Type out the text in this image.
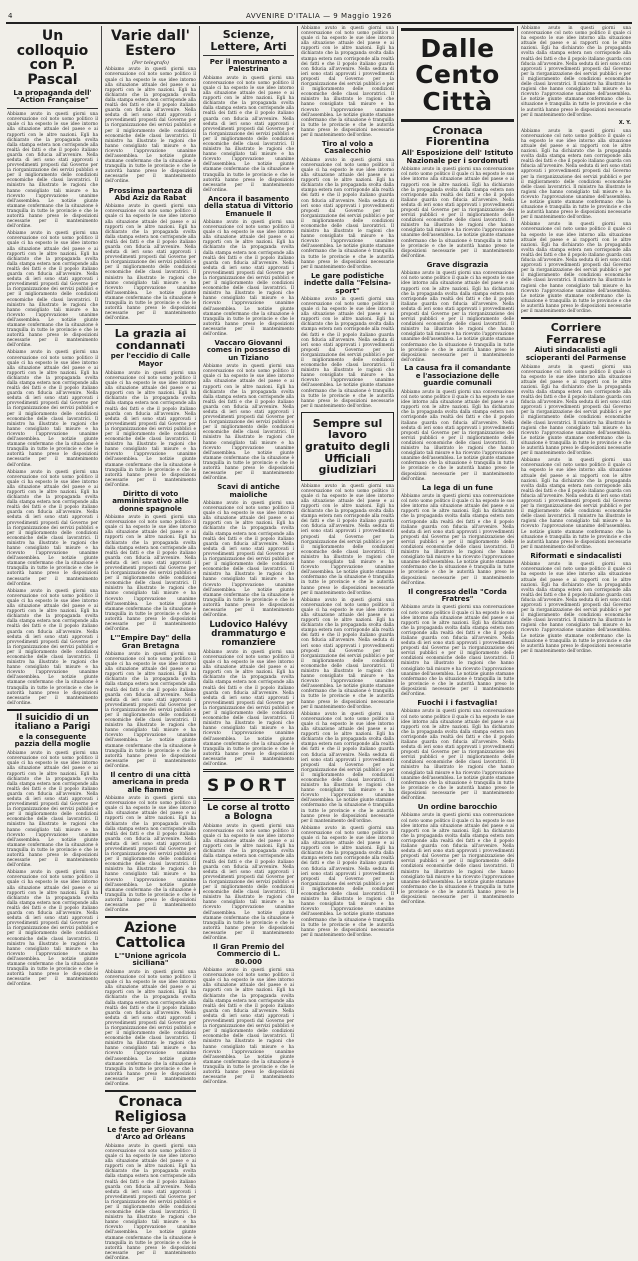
4	AVVENIRE D'ITALIA — 9 Maggio 1926
Un colloquio con P. Pascal
La propaganda dell' "Action Française"

Abbiamo avuto in questi giorni una conversazione col noto uomo politico il quale ci ha esposto le sue idee intorno alla situazione attuale del paese e ai rapporti con le altre nazioni. Egli ha dichiarato che la propaganda svolta dalla stampa estera non corrisponde alla realtà dei fatti e che il popolo italiano guarda con fiducia all'avvenire. Nella seduta di ieri sono stati approvati i provvedimenti proposti dal Governo per la riorganizzazione dei servizi pubblici e per il miglioramento delle condizioni economiche delle classi lavoratrici. Il ministro ha illustrato le ragioni che hanno consigliato tali misure e ha ricevuto l'approvazione unanime dell'assemblea. Le notizie giunte stamane confermano che la situazione è tranquilla in tutte le provincie e che le autorità hanno preso le disposizioni necessarie per il mantenimento dell'ordine.

Abbiamo avuto in questi giorni una conversazione col noto uomo politico il quale ci ha esposto le sue idee intorno alla situazione attuale del paese e ai rapporti con le altre nazioni. Egli ha dichiarato che la propaganda svolta dalla stampa estera non corrisponde alla realtà dei fatti e che il popolo italiano guarda con fiducia all'avvenire. Nella seduta di ieri sono stati approvati i provvedimenti proposti dal Governo per la riorganizzazione dei servizi pubblici e per il miglioramento delle condizioni economiche delle classi lavoratrici. Il ministro ha illustrato le ragioni che hanno consigliato tali misure e ha ricevuto l'approvazione unanime dell'assemblea. Le notizie giunte stamane confermano che la situazione è tranquilla in tutte le provincie e che le autorità hanno preso le disposizioni necessarie per il mantenimento dell'ordine.

Abbiamo avuto in questi giorni una conversazione col noto uomo politico il quale ci ha esposto le sue idee intorno alla situazione attuale del paese e ai rapporti con le altre nazioni. Egli ha dichiarato che la propaganda svolta dalla stampa estera non corrisponde alla realtà dei fatti e che il popolo italiano guarda con fiducia all'avvenire. Nella seduta di ieri sono stati approvati i provvedimenti proposti dal Governo per la riorganizzazione dei servizi pubblici e per il miglioramento delle condizioni economiche delle classi lavoratrici. Il ministro ha illustrato le ragioni che hanno consigliato tali misure e ha ricevuto l'approvazione unanime dell'assemblea. Le notizie giunte stamane confermano che la situazione è tranquilla in tutte le provincie e che le autorità hanno preso le disposizioni necessarie per il mantenimento dell'ordine.

Abbiamo avuto in questi giorni una conversazione col noto uomo politico il quale ci ha esposto le sue idee intorno alla situazione attuale del paese e ai rapporti con le altre nazioni. Egli ha dichiarato che la propaganda svolta dalla stampa estera non corrisponde alla realtà dei fatti e che il popolo italiano guarda con fiducia all'avvenire. Nella seduta di ieri sono stati approvati i provvedimenti proposti dal Governo per la riorganizzazione dei servizi pubblici e per il miglioramento delle condizioni economiche delle classi lavoratrici. Il ministro ha illustrato le ragioni che hanno consigliato tali misure e ha ricevuto l'approvazione unanime dell'assemblea. Le notizie giunte stamane confermano che la situazione è tranquilla in tutte le provincie e che le autorità hanno preso le disposizioni necessarie per il mantenimento dell'ordine.

Abbiamo avuto in questi giorni una conversazione col noto uomo politico il quale ci ha esposto le sue idee intorno alla situazione attuale del paese e ai rapporti con le altre nazioni. Egli ha dichiarato che la propaganda svolta dalla stampa estera non corrisponde alla realtà dei fatti e che il popolo italiano guarda con fiducia all'avvenire. Nella seduta di ieri sono stati approvati i provvedimenti proposti dal Governo per la riorganizzazione dei servizi pubblici e per il miglioramento delle condizioni economiche delle classi lavoratrici. Il ministro ha illustrato le ragioni che hanno consigliato tali misure e ha ricevuto l'approvazione unanime dell'assemblea. Le notizie giunte stamane confermano che la situazione è tranquilla in tutte le provincie e che le autorità hanno preso le disposizioni necessarie per il mantenimento dell'ordine.

Il suicidio di un italiano a Parigi
e la conseguente pazzia della moglie

Abbiamo avuto in questi giorni una conversazione col noto uomo politico il quale ci ha esposto le sue idee intorno alla situazione attuale del paese e ai rapporti con le altre nazioni. Egli ha dichiarato che la propaganda svolta dalla stampa estera non corrisponde alla realtà dei fatti e che il popolo italiano guarda con fiducia all'avvenire. Nella seduta di ieri sono stati approvati i provvedimenti proposti dal Governo per la riorganizzazione dei servizi pubblici e per il miglioramento delle condizioni economiche delle classi lavoratrici. Il ministro ha illustrato le ragioni che hanno consigliato tali misure e ha ricevuto l'approvazione unanime dell'assemblea. Le notizie giunte stamane confermano che la situazione è tranquilla in tutte le provincie e che le autorità hanno preso le disposizioni necessarie per il mantenimento dell'ordine.

Abbiamo avuto in questi giorni una conversazione col noto uomo politico il quale ci ha esposto le sue idee intorno alla situazione attuale del paese e ai rapporti con le altre nazioni. Egli ha dichiarato che la propaganda svolta dalla stampa estera non corrisponde alla realtà dei fatti e che il popolo italiano guarda con fiducia all'avvenire. Nella seduta di ieri sono stati approvati i provvedimenti proposti dal Governo per la riorganizzazione dei servizi pubblici e per il miglioramento delle condizioni economiche delle classi lavoratrici. Il ministro ha illustrato le ragioni che hanno consigliato tali misure e ha ricevuto l'approvazione unanime dell'assemblea. Le notizie giunte stamane confermano che la situazione è tranquilla in tutte le provincie e che le autorità hanno preso le disposizioni necessarie per il mantenimento dell'ordine.

Varie dall' Estero
(Per telegrafo)

Abbiamo avuto in questi giorni una conversazione col noto uomo politico il quale ci ha esposto le sue idee intorno alla situazione attuale del paese e ai rapporti con le altre nazioni. Egli ha dichiarato che la propaganda svolta dalla stampa estera non corrisponde alla realtà dei fatti e che il popolo italiano guarda con fiducia all'avvenire. Nella seduta di ieri sono stati approvati i provvedimenti proposti dal Governo per la riorganizzazione dei servizi pubblici e per il miglioramento delle condizioni economiche delle classi lavoratrici. Il ministro ha illustrato le ragioni che hanno consigliato tali misure e ha ricevuto l'approvazione unanime dell'assemblea. Le notizie giunte stamane confermano che la situazione è tranquilla in tutte le provincie e che le autorità hanno preso le disposizioni necessarie per il mantenimento dell'ordine.

Prossima partenza di Abd Aziz da Rabat

Abbiamo avuto in questi giorni una conversazione col noto uomo politico il quale ci ha esposto le sue idee intorno alla situazione attuale del paese e ai rapporti con le altre nazioni. Egli ha dichiarato che la propaganda svolta dalla stampa estera non corrisponde alla realtà dei fatti e che il popolo italiano guarda con fiducia all'avvenire. Nella seduta di ieri sono stati approvati i provvedimenti proposti dal Governo per la riorganizzazione dei servizi pubblici e per il miglioramento delle condizioni economiche delle classi lavoratrici. Il ministro ha illustrato le ragioni che hanno consigliato tali misure e ha ricevuto l'approvazione unanime dell'assemblea. Le notizie giunte stamane confermano che la situazione è tranquilla in tutte le provincie e che le autorità hanno preso le disposizioni necessarie per il mantenimento dell'ordine.

La grazia ai condannati
per l'eccidio di Calle Mayor

Abbiamo avuto in questi giorni una conversazione col noto uomo politico il quale ci ha esposto le sue idee intorno alla situazione attuale del paese e ai rapporti con le altre nazioni. Egli ha dichiarato che la propaganda svolta dalla stampa estera non corrisponde alla realtà dei fatti e che il popolo italiano guarda con fiducia all'avvenire. Nella seduta di ieri sono stati approvati i provvedimenti proposti dal Governo per la riorganizzazione dei servizi pubblici e per il miglioramento delle condizioni economiche delle classi lavoratrici. Il ministro ha illustrato le ragioni che hanno consigliato tali misure e ha ricevuto l'approvazione unanime dell'assemblea. Le notizie giunte stamane confermano che la situazione è tranquilla in tutte le provincie e che le autorità hanno preso le disposizioni necessarie per il mantenimento dell'ordine.

Diritto di voto amministrativo alle donne spagnole

Abbiamo avuto in questi giorni una conversazione col noto uomo politico il quale ci ha esposto le sue idee intorno alla situazione attuale del paese e ai rapporti con le altre nazioni. Egli ha dichiarato che la propaganda svolta dalla stampa estera non corrisponde alla realtà dei fatti e che il popolo italiano guarda con fiducia all'avvenire. Nella seduta di ieri sono stati approvati i provvedimenti proposti dal Governo per la riorganizzazione dei servizi pubblici e per il miglioramento delle condizioni economiche delle classi lavoratrici. Il ministro ha illustrato le ragioni che hanno consigliato tali misure e ha ricevuto l'approvazione unanime dell'assemblea. Le notizie giunte stamane confermano che la situazione è tranquilla in tutte le provincie e che le autorità hanno preso le disposizioni necessarie per il mantenimento dell'ordine.

L'"Empire Day" della Gran Bretagna

Abbiamo avuto in questi giorni una conversazione col noto uomo politico il quale ci ha esposto le sue idee intorno alla situazione attuale del paese e ai rapporti con le altre nazioni. Egli ha dichiarato che la propaganda svolta dalla stampa estera non corrisponde alla realtà dei fatti e che il popolo italiano guarda con fiducia all'avvenire. Nella seduta di ieri sono stati approvati i provvedimenti proposti dal Governo per la riorganizzazione dei servizi pubblici e per il miglioramento delle condizioni economiche delle classi lavoratrici. Il ministro ha illustrato le ragioni che hanno consigliato tali misure e ha ricevuto l'approvazione unanime dell'assemblea. Le notizie giunte stamane confermano che la situazione è tranquilla in tutte le provincie e che le autorità hanno preso le disposizioni necessarie per il mantenimento dell'ordine.

Il centro di una città americana in preda alle fiamme

Abbiamo avuto in questi giorni una conversazione col noto uomo politico il quale ci ha esposto le sue idee intorno alla situazione attuale del paese e ai rapporti con le altre nazioni. Egli ha dichiarato che la propaganda svolta dalla stampa estera non corrisponde alla realtà dei fatti e che il popolo italiano guarda con fiducia all'avvenire. Nella seduta di ieri sono stati approvati i provvedimenti proposti dal Governo per la riorganizzazione dei servizi pubblici e per il miglioramento delle condizioni economiche delle classi lavoratrici. Il ministro ha illustrato le ragioni che hanno consigliato tali misure e ha ricevuto l'approvazione unanime dell'assemblea. Le notizie giunte stamane confermano che la situazione è tranquilla in tutte le provincie e che le autorità hanno preso le disposizioni necessarie per il mantenimento dell'ordine.

Azione Cattolica
L'"Unione agricola siciliana"

Abbiamo avuto in questi giorni una conversazione col noto uomo politico il quale ci ha esposto le sue idee intorno alla situazione attuale del paese e ai rapporti con le altre nazioni. Egli ha dichiarato che la propaganda svolta dalla stampa estera non corrisponde alla realtà dei fatti e che il popolo italiano guarda con fiducia all'avvenire. Nella seduta di ieri sono stati approvati i provvedimenti proposti dal Governo per la riorganizzazione dei servizi pubblici e per il miglioramento delle condizioni economiche delle classi lavoratrici. Il ministro ha illustrato le ragioni che hanno consigliato tali misure e ha ricevuto l'approvazione unanime dell'assemblea. Le notizie giunte stamane confermano che la situazione è tranquilla in tutte le provincie e che le autorità hanno preso le disposizioni necessarie per il mantenimento dell'ordine.

Cronaca Religiosa
Le feste per Giovanna d'Arco ad Orléans

Abbiamo avuto in questi giorni una conversazione col noto uomo politico il quale ci ha esposto le sue idee intorno alla situazione attuale del paese e ai rapporti con le altre nazioni. Egli ha dichiarato che la propaganda svolta dalla stampa estera non corrisponde alla realtà dei fatti e che il popolo italiano guarda con fiducia all'avvenire. Nella seduta di ieri sono stati approvati i provvedimenti proposti dal Governo per la riorganizzazione dei servizi pubblici e per il miglioramento delle condizioni economiche delle classi lavoratrici. Il ministro ha illustrato le ragioni che hanno consigliato tali misure e ha ricevuto l'approvazione unanime dell'assemblea. Le notizie giunte stamane confermano che la situazione è tranquilla in tutte le provincie e che le autorità hanno preso le disposizioni necessarie per il mantenimento dell'ordine.

Scienze, Lettere, Arti
Per il monumento a Palestrina

Abbiamo avuto in questi giorni una conversazione col noto uomo politico il quale ci ha esposto le sue idee intorno alla situazione attuale del paese e ai rapporti con le altre nazioni. Egli ha dichiarato che la propaganda svolta dalla stampa estera non corrisponde alla realtà dei fatti e che il popolo italiano guarda con fiducia all'avvenire. Nella seduta di ieri sono stati approvati i provvedimenti proposti dal Governo per la riorganizzazione dei servizi pubblici e per il miglioramento delle condizioni economiche delle classi lavoratrici. Il ministro ha illustrato le ragioni che hanno consigliato tali misure e ha ricevuto l'approvazione unanime dell'assemblea. Le notizie giunte stamane confermano che la situazione è tranquilla in tutte le provincie e che le autorità hanno preso le disposizioni necessarie per il mantenimento dell'ordine.

Ancora il basamento della statua di Vittorio Emanuele II

Abbiamo avuto in questi giorni una conversazione col noto uomo politico il quale ci ha esposto le sue idee intorno alla situazione attuale del paese e ai rapporti con le altre nazioni. Egli ha dichiarato che la propaganda svolta dalla stampa estera non corrisponde alla realtà dei fatti e che il popolo italiano guarda con fiducia all'avvenire. Nella seduta di ieri sono stati approvati i provvedimenti proposti dal Governo per la riorganizzazione dei servizi pubblici e per il miglioramento delle condizioni economiche delle classi lavoratrici. Il ministro ha illustrato le ragioni che hanno consigliato tali misure e ha ricevuto l'approvazione unanime dell'assemblea. Le notizie giunte stamane confermano che la situazione è tranquilla in tutte le provincie e che le autorità hanno preso le disposizioni necessarie per il mantenimento dell'ordine.

Vaccaro Giovanni comes in possesso di un Tiziano

Abbiamo avuto in questi giorni una conversazione col noto uomo politico il quale ci ha esposto le sue idee intorno alla situazione attuale del paese e ai rapporti con le altre nazioni. Egli ha dichiarato che la propaganda svolta dalla stampa estera non corrisponde alla realtà dei fatti e che il popolo italiano guarda con fiducia all'avvenire. Nella seduta di ieri sono stati approvati i provvedimenti proposti dal Governo per la riorganizzazione dei servizi pubblici e per il miglioramento delle condizioni economiche delle classi lavoratrici. Il ministro ha illustrato le ragioni che hanno consigliato tali misure e ha ricevuto l'approvazione unanime dell'assemblea. Le notizie giunte stamane confermano che la situazione è tranquilla in tutte le provincie e che le autorità hanno preso le disposizioni necessarie per il mantenimento dell'ordine.

Scavi di antiche maioliche

Abbiamo avuto in questi giorni una conversazione col noto uomo politico il quale ci ha esposto le sue idee intorno alla situazione attuale del paese e ai rapporti con le altre nazioni. Egli ha dichiarato che la propaganda svolta dalla stampa estera non corrisponde alla realtà dei fatti e che il popolo italiano guarda con fiducia all'avvenire. Nella seduta di ieri sono stati approvati i provvedimenti proposti dal Governo per la riorganizzazione dei servizi pubblici e per il miglioramento delle condizioni economiche delle classi lavoratrici. Il ministro ha illustrato le ragioni che hanno consigliato tali misure e ha ricevuto l'approvazione unanime dell'assemblea. Le notizie giunte stamane confermano che la situazione è tranquilla in tutte le provincie e che le autorità hanno preso le disposizioni necessarie per il mantenimento dell'ordine.

Ludovico Halévy drammaturgo e romanziere

Abbiamo avuto in questi giorni una conversazione col noto uomo politico il quale ci ha esposto le sue idee intorno alla situazione attuale del paese e ai rapporti con le altre nazioni. Egli ha dichiarato che la propaganda svolta dalla stampa estera non corrisponde alla realtà dei fatti e che il popolo italiano guarda con fiducia all'avvenire. Nella seduta di ieri sono stati approvati i provvedimenti proposti dal Governo per la riorganizzazione dei servizi pubblici e per il miglioramento delle condizioni economiche delle classi lavoratrici. Il ministro ha illustrato le ragioni che hanno consigliato tali misure e ha ricevuto l'approvazione unanime dell'assemblea. Le notizie giunte stamane confermano che la situazione è tranquilla in tutte le provincie e che le autorità hanno preso le disposizioni necessarie per il mantenimento dell'ordine.

SPORT
Le corse al trotto a Bologna

Abbiamo avuto in questi giorni una conversazione col noto uomo politico il quale ci ha esposto le sue idee intorno alla situazione attuale del paese e ai rapporti con le altre nazioni. Egli ha dichiarato che la propaganda svolta dalla stampa estera non corrisponde alla realtà dei fatti e che il popolo italiano guarda con fiducia all'avvenire. Nella seduta di ieri sono stati approvati i provvedimenti proposti dal Governo per la riorganizzazione dei servizi pubblici e per il miglioramento delle condizioni economiche delle classi lavoratrici. Il ministro ha illustrato le ragioni che hanno consigliato tali misure e ha ricevuto l'approvazione unanime dell'assemblea. Le notizie giunte stamane confermano che la situazione è tranquilla in tutte le provincie e che le autorità hanno preso le disposizioni necessarie per il mantenimento dell'ordine.

Il Gran Premio del Commercio di L. 80.000

Abbiamo avuto in questi giorni una conversazione col noto uomo politico il quale ci ha esposto le sue idee intorno alla situazione attuale del paese e ai rapporti con le altre nazioni. Egli ha dichiarato che la propaganda svolta dalla stampa estera non corrisponde alla realtà dei fatti e che il popolo italiano guarda con fiducia all'avvenire. Nella seduta di ieri sono stati approvati i provvedimenti proposti dal Governo per la riorganizzazione dei servizi pubblici e per il miglioramento delle condizioni economiche delle classi lavoratrici. Il ministro ha illustrato le ragioni che hanno consigliato tali misure e ha ricevuto l'approvazione unanime dell'assemblea. Le notizie giunte stamane confermano che la situazione è tranquilla in tutte le provincie e che le autorità hanno preso le disposizioni necessarie per il mantenimento dell'ordine.

Abbiamo avuto in questi giorni una conversazione col noto uomo politico il quale ci ha esposto le sue idee intorno alla situazione attuale del paese e ai rapporti con le altre nazioni. Egli ha dichiarato che la propaganda svolta dalla stampa estera non corrisponde alla realtà dei fatti e che il popolo italiano guarda con fiducia all'avvenire. Nella seduta di ieri sono stati approvati i provvedimenti proposti dal Governo per la riorganizzazione dei servizi pubblici e per il miglioramento delle condizioni economiche delle classi lavoratrici. Il ministro ha illustrato le ragioni che hanno consigliato tali misure e ha ricevuto l'approvazione unanime dell'assemblea. Le notizie giunte stamane confermano che la situazione è tranquilla in tutte le provincie e che le autorità hanno preso le disposizioni necessarie per il mantenimento dell'ordine.

Tiro al volo a Casalecchio

Abbiamo avuto in questi giorni una conversazione col noto uomo politico il quale ci ha esposto le sue idee intorno alla situazione attuale del paese e ai rapporti con le altre nazioni. Egli ha dichiarato che la propaganda svolta dalla stampa estera non corrisponde alla realtà dei fatti e che il popolo italiano guarda con fiducia all'avvenire. Nella seduta di ieri sono stati approvati i provvedimenti proposti dal Governo per la riorganizzazione dei servizi pubblici e per il miglioramento delle condizioni economiche delle classi lavoratrici. Il ministro ha illustrato le ragioni che hanno consigliato tali misure e ha ricevuto l'approvazione unanime dell'assemblea. Le notizie giunte stamane confermano che la situazione è tranquilla in tutte le provincie e che le autorità hanno preso le disposizioni necessarie per il mantenimento dell'ordine.

Le gare podistiche indette dalla "Felsina-sport"

Abbiamo avuto in questi giorni una conversazione col noto uomo politico il quale ci ha esposto le sue idee intorno alla situazione attuale del paese e ai rapporti con le altre nazioni. Egli ha dichiarato che la propaganda svolta dalla stampa estera non corrisponde alla realtà dei fatti e che il popolo italiano guarda con fiducia all'avvenire. Nella seduta di ieri sono stati approvati i provvedimenti proposti dal Governo per la riorganizzazione dei servizi pubblici e per il miglioramento delle condizioni economiche delle classi lavoratrici. Il ministro ha illustrato le ragioni che hanno consigliato tali misure e ha ricevuto l'approvazione unanime dell'assemblea. Le notizie giunte stamane confermano che la situazione è tranquilla in tutte le provincie e che le autorità hanno preso le disposizioni necessarie per il mantenimento dell'ordine.

Sempre sul lavoro gratuito degli Ufficiali giudiziari

Abbiamo avuto in questi giorni una conversazione col noto uomo politico il quale ci ha esposto le sue idee intorno alla situazione attuale del paese e ai rapporti con le altre nazioni. Egli ha dichiarato che la propaganda svolta dalla stampa estera non corrisponde alla realtà dei fatti e che il popolo italiano guarda con fiducia all'avvenire. Nella seduta di ieri sono stati approvati i provvedimenti proposti dal Governo per la riorganizzazione dei servizi pubblici e per il miglioramento delle condizioni economiche delle classi lavoratrici. Il ministro ha illustrato le ragioni che hanno consigliato tali misure e ha ricevuto l'approvazione unanime dell'assemblea. Le notizie giunte stamane confermano che la situazione è tranquilla in tutte le provincie e che le autorità hanno preso le disposizioni necessarie per il mantenimento dell'ordine.

Abbiamo avuto in questi giorni una conversazione col noto uomo politico il quale ci ha esposto le sue idee intorno alla situazione attuale del paese e ai rapporti con le altre nazioni. Egli ha dichiarato che la propaganda svolta dalla stampa estera non corrisponde alla realtà dei fatti e che il popolo italiano guarda con fiducia all'avvenire. Nella seduta di ieri sono stati approvati i provvedimenti proposti dal Governo per la riorganizzazione dei servizi pubblici e per il miglioramento delle condizioni economiche delle classi lavoratrici. Il ministro ha illustrato le ragioni che hanno consigliato tali misure e ha ricevuto l'approvazione unanime dell'assemblea. Le notizie giunte stamane confermano che la situazione è tranquilla in tutte le provincie e che le autorità hanno preso le disposizioni necessarie per il mantenimento dell'ordine.

Abbiamo avuto in questi giorni una conversazione col noto uomo politico il quale ci ha esposto le sue idee intorno alla situazione attuale del paese e ai rapporti con le altre nazioni. Egli ha dichiarato che la propaganda svolta dalla stampa estera non corrisponde alla realtà dei fatti e che il popolo italiano guarda con fiducia all'avvenire. Nella seduta di ieri sono stati approvati i provvedimenti proposti dal Governo per la riorganizzazione dei servizi pubblici e per il miglioramento delle condizioni economiche delle classi lavoratrici. Il ministro ha illustrato le ragioni che hanno consigliato tali misure e ha ricevuto l'approvazione unanime dell'assemblea. Le notizie giunte stamane confermano che la situazione è tranquilla in tutte le provincie e che le autorità hanno preso le disposizioni necessarie per il mantenimento dell'ordine.

Abbiamo avuto in questi giorni una conversazione col noto uomo politico il quale ci ha esposto le sue idee intorno alla situazione attuale del paese e ai rapporti con le altre nazioni. Egli ha dichiarato che la propaganda svolta dalla stampa estera non corrisponde alla realtà dei fatti e che il popolo italiano guarda con fiducia all'avvenire. Nella seduta di ieri sono stati approvati i provvedimenti proposti dal Governo per la riorganizzazione dei servizi pubblici e per il miglioramento delle condizioni economiche delle classi lavoratrici. Il ministro ha illustrato le ragioni che hanno consigliato tali misure e ha ricevuto l'approvazione unanime dell'assemblea. Le notizie giunte stamane confermano che la situazione è tranquilla in tutte le provincie e che le autorità hanno preso le disposizioni necessarie per il mantenimento dell'ordine.

Dalle Cento Città
Cronaca Fiorentina
All' Esposizione dell' Istituto Nazionale per i sordomuti

Abbiamo avuto in questi giorni una conversazione col noto uomo politico il quale ci ha esposto le sue idee intorno alla situazione attuale del paese e ai rapporti con le altre nazioni. Egli ha dichiarato che la propaganda svolta dalla stampa estera non corrisponde alla realtà dei fatti e che il popolo italiano guarda con fiducia all'avvenire. Nella seduta di ieri sono stati approvati i provvedimenti proposti dal Governo per la riorganizzazione dei servizi pubblici e per il miglioramento delle condizioni economiche delle classi lavoratrici. Il ministro ha illustrato le ragioni che hanno consigliato tali misure e ha ricevuto l'approvazione unanime dell'assemblea. Le notizie giunte stamane confermano che la situazione è tranquilla in tutte le provincie e che le autorità hanno preso le disposizioni necessarie per il mantenimento dell'ordine.

Grave disgrazia

Abbiamo avuto in questi giorni una conversazione col noto uomo politico il quale ci ha esposto le sue idee intorno alla situazione attuale del paese e ai rapporti con le altre nazioni. Egli ha dichiarato che la propaganda svolta dalla stampa estera non corrisponde alla realtà dei fatti e che il popolo italiano guarda con fiducia all'avvenire. Nella seduta di ieri sono stati approvati i provvedimenti proposti dal Governo per la riorganizzazione dei servizi pubblici e per il miglioramento delle condizioni economiche delle classi lavoratrici. Il ministro ha illustrato le ragioni che hanno consigliato tali misure e ha ricevuto l'approvazione unanime dell'assemblea. Le notizie giunte stamane confermano che la situazione è tranquilla in tutte le provincie e che le autorità hanno preso le disposizioni necessarie per il mantenimento dell'ordine.

La causa fra il comandante e l'associazione delle guardie comunali

Abbiamo avuto in questi giorni una conversazione col noto uomo politico il quale ci ha esposto le sue idee intorno alla situazione attuale del paese e ai rapporti con le altre nazioni. Egli ha dichiarato che la propaganda svolta dalla stampa estera non corrisponde alla realtà dei fatti e che il popolo italiano guarda con fiducia all'avvenire. Nella seduta di ieri sono stati approvati i provvedimenti proposti dal Governo per la riorganizzazione dei servizi pubblici e per il miglioramento delle condizioni economiche delle classi lavoratrici. Il ministro ha illustrato le ragioni che hanno consigliato tali misure e ha ricevuto l'approvazione unanime dell'assemblea. Le notizie giunte stamane confermano che la situazione è tranquilla in tutte le provincie e che le autorità hanno preso le disposizioni necessarie per il mantenimento dell'ordine.

La lega di un fune

Abbiamo avuto in questi giorni una conversazione col noto uomo politico il quale ci ha esposto le sue idee intorno alla situazione attuale del paese e ai rapporti con le altre nazioni. Egli ha dichiarato che la propaganda svolta dalla stampa estera non corrisponde alla realtà dei fatti e che il popolo italiano guarda con fiducia all'avvenire. Nella seduta di ieri sono stati approvati i provvedimenti proposti dal Governo per la riorganizzazione dei servizi pubblici e per il miglioramento delle condizioni economiche delle classi lavoratrici. Il ministro ha illustrato le ragioni che hanno consigliato tali misure e ha ricevuto l'approvazione unanime dell'assemblea. Le notizie giunte stamane confermano che la situazione è tranquilla in tutte le provincie e che le autorità hanno preso le disposizioni necessarie per il mantenimento dell'ordine.

Il congresso della "Corda Fratres"

Abbiamo avuto in questi giorni una conversazione col noto uomo politico il quale ci ha esposto le sue idee intorno alla situazione attuale del paese e ai rapporti con le altre nazioni. Egli ha dichiarato che la propaganda svolta dalla stampa estera non corrisponde alla realtà dei fatti e che il popolo italiano guarda con fiducia all'avvenire. Nella seduta di ieri sono stati approvati i provvedimenti proposti dal Governo per la riorganizzazione dei servizi pubblici e per il miglioramento delle condizioni economiche delle classi lavoratrici. Il ministro ha illustrato le ragioni che hanno consigliato tali misure e ha ricevuto l'approvazione unanime dell'assemblea. Le notizie giunte stamane confermano che la situazione è tranquilla in tutte le provincie e che le autorità hanno preso le disposizioni necessarie per il mantenimento dell'ordine.

Fuochi i i fastvaglia!

Abbiamo avuto in questi giorni una conversazione col noto uomo politico il quale ci ha esposto le sue idee intorno alla situazione attuale del paese e ai rapporti con le altre nazioni. Egli ha dichiarato che la propaganda svolta dalla stampa estera non corrisponde alla realtà dei fatti e che il popolo italiano guarda con fiducia all'avvenire. Nella seduta di ieri sono stati approvati i provvedimenti proposti dal Governo per la riorganizzazione dei servizi pubblici e per il miglioramento delle condizioni economiche delle classi lavoratrici. Il ministro ha illustrato le ragioni che hanno consigliato tali misure e ha ricevuto l'approvazione unanime dell'assemblea. Le notizie giunte stamane confermano che la situazione è tranquilla in tutte le provincie e che le autorità hanno preso le disposizioni necessarie per il mantenimento dell'ordine.

Un ordine barocchio

Abbiamo avuto in questi giorni una conversazione col noto uomo politico il quale ci ha esposto le sue idee intorno alla situazione attuale del paese e ai rapporti con le altre nazioni. Egli ha dichiarato che la propaganda svolta dalla stampa estera non corrisponde alla realtà dei fatti e che il popolo italiano guarda con fiducia all'avvenire. Nella seduta di ieri sono stati approvati i provvedimenti proposti dal Governo per la riorganizzazione dei servizi pubblici e per il miglioramento delle condizioni economiche delle classi lavoratrici. Il ministro ha illustrato le ragioni che hanno consigliato tali misure e ha ricevuto l'approvazione unanime dell'assemblea. Le notizie giunte stamane confermano che la situazione è tranquilla in tutte le provincie e che le autorità hanno preso le disposizioni necessarie per il mantenimento dell'ordine.

Abbiamo avuto in questi giorni una conversazione col noto uomo politico il quale ci ha esposto le sue idee intorno alla situazione attuale del paese e ai rapporti con le altre nazioni. Egli ha dichiarato che la propaganda svolta dalla stampa estera non corrisponde alla realtà dei fatti e che il popolo italiano guarda con fiducia all'avvenire. Nella seduta di ieri sono stati approvati i provvedimenti proposti dal Governo per la riorganizzazione dei servizi pubblici e per il miglioramento delle condizioni economiche delle classi lavoratrici. Il ministro ha illustrato le ragioni che hanno consigliato tali misure e ha ricevuto l'approvazione unanime dell'assemblea. Le notizie giunte stamane confermano che la situazione è tranquilla in tutte le provincie e che le autorità hanno preso le disposizioni necessarie per il mantenimento dell'ordine.

X. Y.

Abbiamo avuto in questi giorni una conversazione col noto uomo politico il quale ci ha esposto le sue idee intorno alla situazione attuale del paese e ai rapporti con le altre nazioni. Egli ha dichiarato che la propaganda svolta dalla stampa estera non corrisponde alla realtà dei fatti e che il popolo italiano guarda con fiducia all'avvenire. Nella seduta di ieri sono stati approvati i provvedimenti proposti dal Governo per la riorganizzazione dei servizi pubblici e per il miglioramento delle condizioni economiche delle classi lavoratrici. Il ministro ha illustrato le ragioni che hanno consigliato tali misure e ha ricevuto l'approvazione unanime dell'assemblea. Le notizie giunte stamane confermano che la situazione è tranquilla in tutte le provincie e che le autorità hanno preso le disposizioni necessarie per il mantenimento dell'ordine.

Abbiamo avuto in questi giorni una conversazione col noto uomo politico il quale ci ha esposto le sue idee intorno alla situazione attuale del paese e ai rapporti con le altre nazioni. Egli ha dichiarato che la propaganda svolta dalla stampa estera non corrisponde alla realtà dei fatti e che il popolo italiano guarda con fiducia all'avvenire. Nella seduta di ieri sono stati approvati i provvedimenti proposti dal Governo per la riorganizzazione dei servizi pubblici e per il miglioramento delle condizioni economiche delle classi lavoratrici. Il ministro ha illustrato le ragioni che hanno consigliato tali misure e ha ricevuto l'approvazione unanime dell'assemblea. Le notizie giunte stamane confermano che la situazione è tranquilla in tutte le provincie e che le autorità hanno preso le disposizioni necessarie per il mantenimento dell'ordine.

Corriere Ferrarese
Aiuti sindacalisti agli scioperanti del Parmense

Abbiamo avuto in questi giorni una conversazione col noto uomo politico il quale ci ha esposto le sue idee intorno alla situazione attuale del paese e ai rapporti con le altre nazioni. Egli ha dichiarato che la propaganda svolta dalla stampa estera non corrisponde alla realtà dei fatti e che il popolo italiano guarda con fiducia all'avvenire. Nella seduta di ieri sono stati approvati i provvedimenti proposti dal Governo per la riorganizzazione dei servizi pubblici e per il miglioramento delle condizioni economiche delle classi lavoratrici. Il ministro ha illustrato le ragioni che hanno consigliato tali misure e ha ricevuto l'approvazione unanime dell'assemblea. Le notizie giunte stamane confermano che la situazione è tranquilla in tutte le provincie e che le autorità hanno preso le disposizioni necessarie per il mantenimento dell'ordine.

Abbiamo avuto in questi giorni una conversazione col noto uomo politico il quale ci ha esposto le sue idee intorno alla situazione attuale del paese e ai rapporti con le altre nazioni. Egli ha dichiarato che la propaganda svolta dalla stampa estera non corrisponde alla realtà dei fatti e che il popolo italiano guarda con fiducia all'avvenire. Nella seduta di ieri sono stati approvati i provvedimenti proposti dal Governo per la riorganizzazione dei servizi pubblici e per il miglioramento delle condizioni economiche delle classi lavoratrici. Il ministro ha illustrato le ragioni che hanno consigliato tali misure e ha ricevuto l'approvazione unanime dell'assemblea. Le notizie giunte stamane confermano che la situazione è tranquilla in tutte le provincie e che le autorità hanno preso le disposizioni necessarie per il mantenimento dell'ordine.

Riformati e sindacalisti

Abbiamo avuto in questi giorni una conversazione col noto uomo politico il quale ci ha esposto le sue idee intorno alla situazione attuale del paese e ai rapporti con le altre nazioni. Egli ha dichiarato che la propaganda svolta dalla stampa estera non corrisponde alla realtà dei fatti e che il popolo italiano guarda con fiducia all'avvenire. Nella seduta di ieri sono stati approvati i provvedimenti proposti dal Governo per la riorganizzazione dei servizi pubblici e per il miglioramento delle condizioni economiche delle classi lavoratrici. Il ministro ha illustrato le ragioni che hanno consigliato tali misure e ha ricevuto l'approvazione unanime dell'assemblea. Le notizie giunte stamane confermano che la situazione è tranquilla in tutte le provincie e che le autorità hanno preso le disposizioni necessarie per il mantenimento dell'ordine.
